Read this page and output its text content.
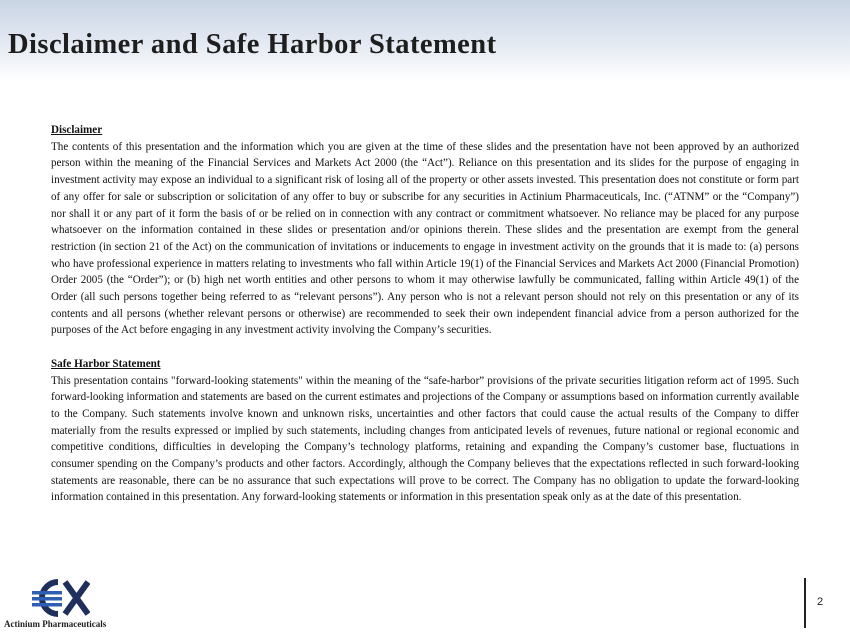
Disclaimer and Safe Harbor Statement

Disclaimer

The contents of this presentation and the information which you are given at the time of these slides and the presentation have not been approved by an authorized person within the meaning of the Financial Services and Markets Act 2000 (the “Act”). Reliance on this presentation and its slides for the purpose of engaging in investment activity may expose an individual to a significant risk of losing all of the property or other assets invested. This presentation does not constitute or form part of any offer for sale or subscription or solicitation of any offer to buy or subscribe for any securities in Actinium Pharmaceuticals, Inc. (“ATNM” or the “Company”) nor shall it or any part of it form the basis of or be relied on in connection with any contract or commitment whatsoever. No reliance may be placed for any purpose whatsoever on the information contained in these slides or presentation and/or opinions therein. These slides and the presentation are exempt from the general restriction (in section 21 of the Act) on the communication of invitations or inducements to engage in investment activity on the grounds that it is made to: (a) persons who have professional experience in matters relating to investments who fall within Article 19(1) of the Financial Services and Markets Act 2000 (Financial Promotion) Order 2005 (the “Order”); or (b) high net worth entities and other persons to whom it may otherwise lawfully be communicated, falling within Article 49(1) of the Order (all such persons together being referred to as “relevant persons”). Any person who is not a relevant person should not rely on this presentation or any of its contents and all persons (whether relevant persons or otherwise) are recommended to seek their own independent financial advice from a person authorized for the purposes of the Act before engaging in any investment activity involving the Company’s securities.

Safe Harbor Statement

This presentation contains "forward-looking statements" within the meaning of the “safe-harbor” provisions of the private securities litigation reform act of 1995. Such forward-looking information and statements are based on the current estimates and projections of the Company or assumptions based on information currently available to the Company. Such statements involve known and unknown risks, uncertainties and other factors that could cause the actual results of the Company to differ materially from the results expressed or implied by such statements, including changes from anticipated levels of revenues, future national or regional economic and competitive conditions, difficulties in developing the Company’s technology platforms, retaining and expanding the Company’s customer base, fluctuations in consumer spending on the Company’s products and other factors. Accordingly, although the Company believes that the expectations reflected in such forward-looking statements are reasonable, there can be no assurance that such expectations will prove to be correct. The Company has no obligation to update the forward-looking information contained in this presentation. Any forward-looking statements or information in this presentation speak only as at the date of this presentation.

Actinium Pharmaceuticals
2
